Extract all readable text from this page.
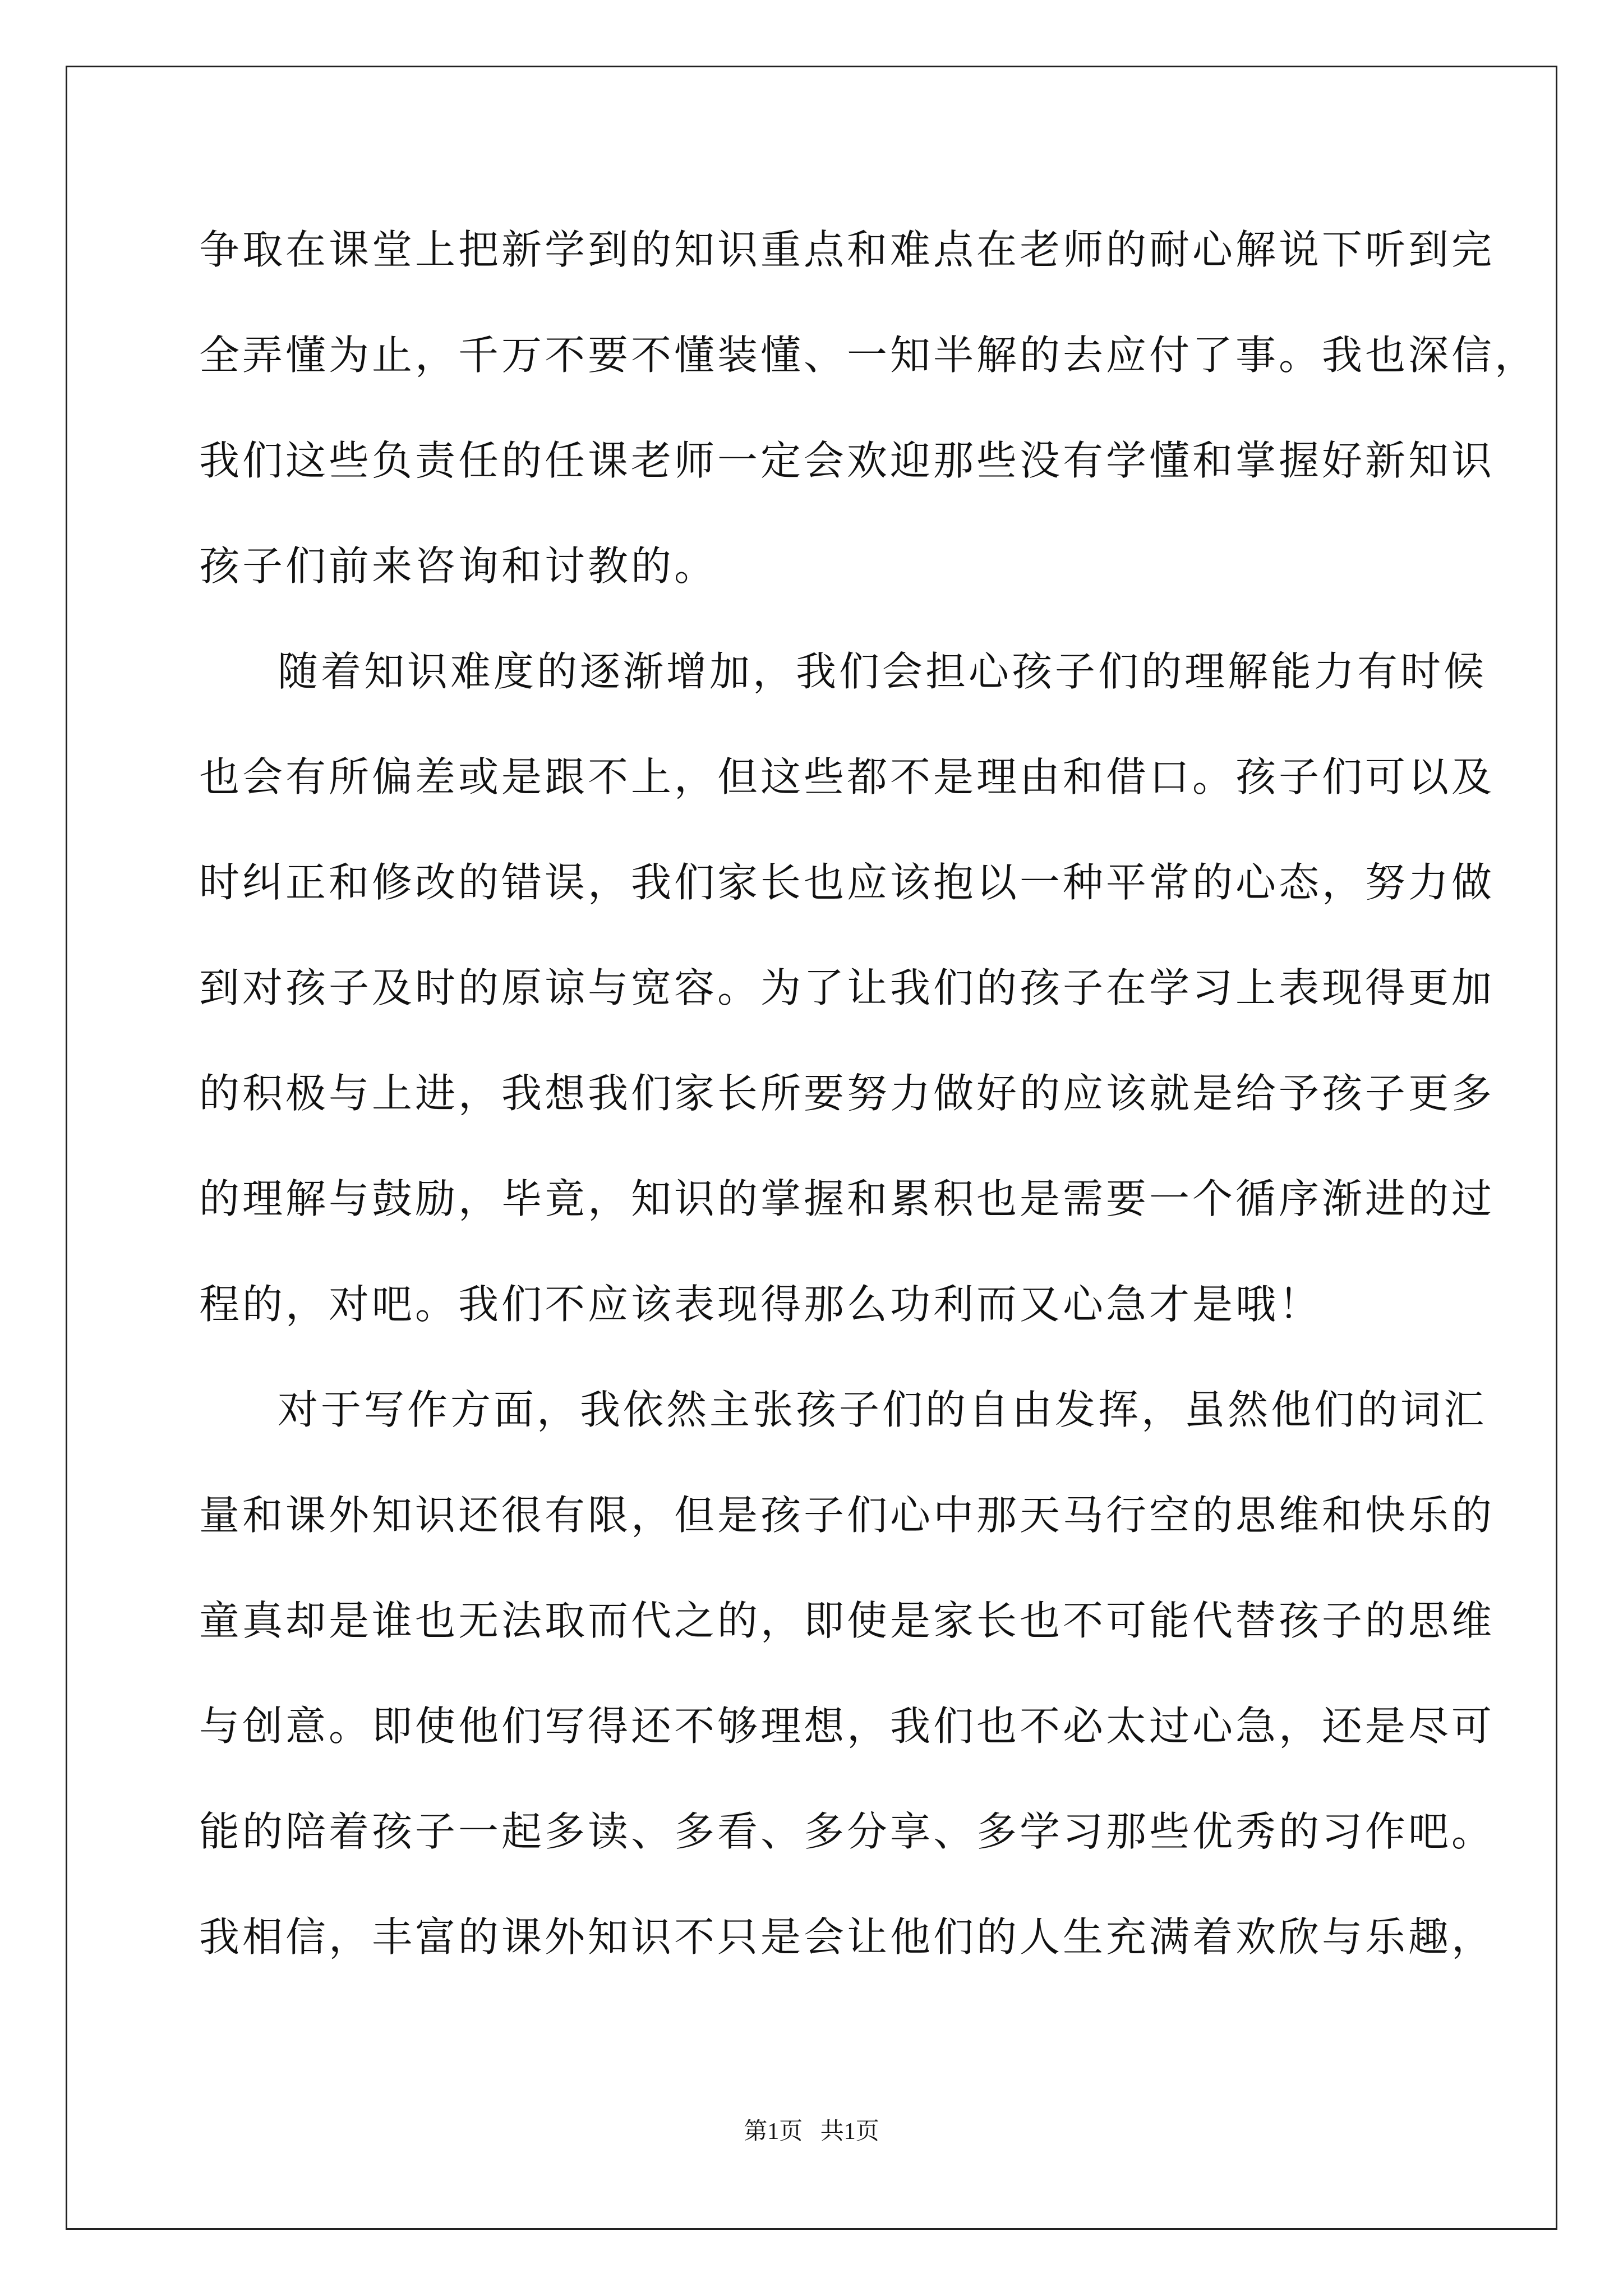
争取在课堂上把新学到的知识重点和难点在老师的耐心解说下听到完
全弄懂为止，千万不要不懂装懂、一知半解的去应付了事。我也深信，
我们这些负责任的任课老师一定会欢迎那些没有学懂和掌握好新知识
孩子们前来咨询和讨教的。
随着知识难度的逐渐增加，我们会担心孩子们的理解能力有时候
也会有所偏差或是跟不上，但这些都不是理由和借口。孩子们可以及
时纠正和修改的错误，我们家长也应该抱以一种平常的心态，努力做
到对孩子及时的原谅与宽容。为了让我们的孩子在学习上表现得更加
的积极与上进，我想我们家长所要努力做好的应该就是给予孩子更多
的理解与鼓励，毕竟，知识的掌握和累积也是需要一个循序渐进的过
程的，对吧。我们不应该表现得那么功利而又心急才是哦！
对于写作方面，我依然主张孩子们的自由发挥，虽然他们的词汇
量和课外知识还很有限，但是孩子们心中那天马行空的思维和快乐的
童真却是谁也无法取而代之的，即使是家长也不可能代替孩子的思维
与创意。即使他们写得还不够理想，我们也不必太过心急，还是尽可
能的陪着孩子一起多读、多看、多分享、多学习那些优秀的习作吧。
我相信，丰富的课外知识不只是会让他们的人生充满着欢欣与乐趣，
第1页   共1页
